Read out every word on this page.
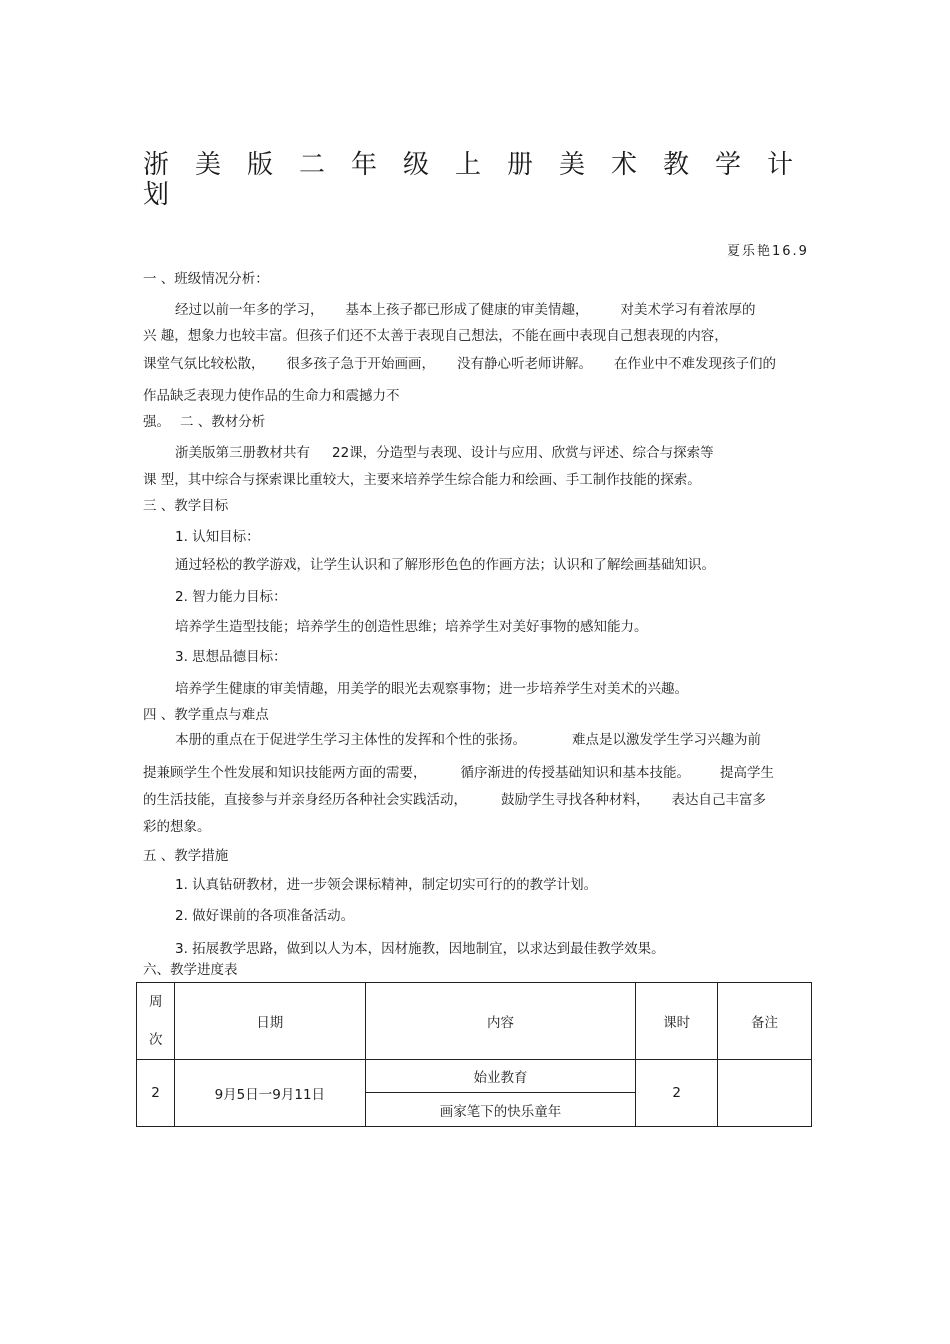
浙美版二年级上册美术教学计
划
夏乐艳16.9
一 、班级情况分析：
经过以前一年多的学习， 基本上孩子都已形成了健康的审美情趣， 对美术学习有着浓厚的
兴 趣，想象力也较丰富。但孩子们还不太善于表现自己想法，不能在画中表现自己想表现的内容，
课堂气氛比较松散， 很多孩子急于开始画画， 没有静心听老师讲解。 在作业中不难发现孩子们的
作品缺乏表现力使作品的生命力和震撼力不
强。 二 、教材分析
浙美版第三册教材共有 22课，分造型与表现、设计与应用、欣赏与评述、综合与探索等
课 型，其中综合与探索课比重较大，主要来培养学生综合能力和绘画、手工制作技能的探索。
三 、教学目标
1. 认知目标：
通过轻松的教学游戏，让学生认识和了解形形色色的作画方法；认识和了解绘画基础知识。
2. 智力能力目标：
培养学生造型技能；培养学生的创造性思维；培养学生对美好事物的感知能力。
3. 思想品德目标：
培养学生健康的审美情趣，用美学的眼光去观察事物；进一步培养学生对美术的兴趣。
四 、教学重点与难点
本册的重点在于促进学生学习主体性的发挥和个性的张扬。	难点是以激发学生学习兴趣为前
提兼顾学生个性发展和知识技能两方面的需要，	循序渐进的传授基础知识和基本技能。 提高学生
的生活技能，直接参与并亲身经历各种社会实践活动，	鼓励学生寻找各种材料， 表达自己丰富多
彩的想象。
五 、教学措施
1. 认真钻研教材，进一步领会课标精神，制定切实可行的的教学计划。
2. 做好课前的各项准备活动。
3. 拓展教学思路，做到以人为本，因材施教，因地制宜，以求达到最佳教学效果。
六、教学进度表
周
次	日期	内容	课时	备注
2	9月5日一9月11日	始业教育	2	
		画家笔下的快乐童年		
